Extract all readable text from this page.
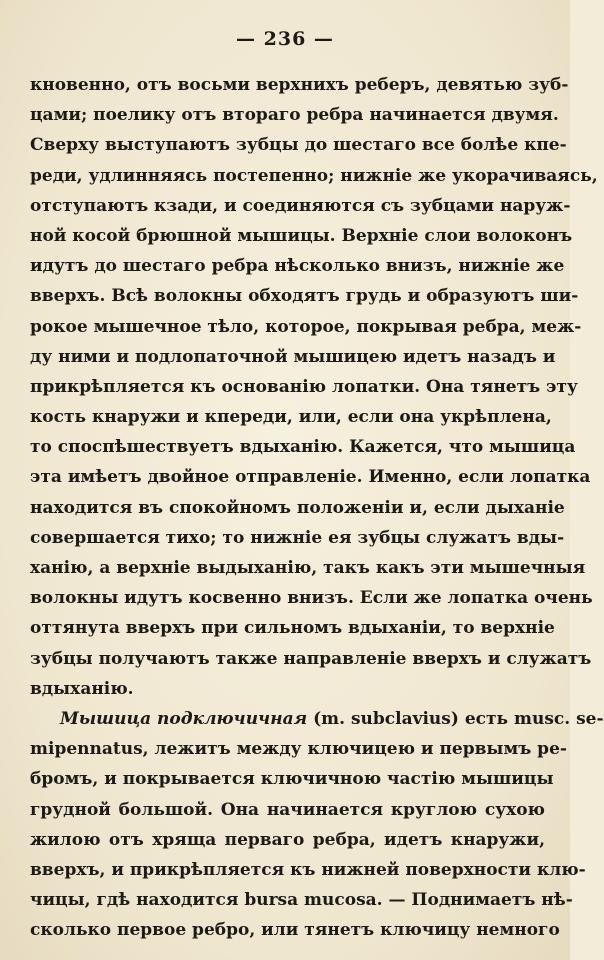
— 236 —
кновенно, отъ восьми верхнихъ реберъ, девятью зуб-
цами; поелику отъ втораго ребра начинается двумя.
Сверху выступаютъ зубцы до шестаго все болѣе кпе-
реди, удлинняясь постепенно; нижніе же укорачиваясь,
отступаютъ кзади, и соединяются съ зубцами наруж-
ной косой брюшной мышицы. Верхніе слои волоконъ
идутъ до шестаго ребра нѣсколько внизъ, нижніе же
вверхъ. Всѣ волокны обходятъ грудь и образуютъ ши-
рокое мышечное тѣло, которое, покрывая ребра, меж-
ду ними и подлопаточной мышицею идетъ назадъ и
прикрѣпляется къ основанію лопатки. Она тянетъ эту
кость кнаружи и кпереди, или, если она укрѣплена,
то споспѣшествуетъ вдыханію. Кажется, что мышица
эта имѣетъ двойное отправленіе. Именно, если лопатка
находится въ спокойномъ положеніи и, если дыханіе
совершается тихо; то нижніе ея зубцы служатъ вды-
ханію, а верхніе выдыханію, такъ какъ эти мышечныя
волокны идутъ косвенно внизъ. Если же лопатка очень
оттянута вверхъ при сильномъ вдыханіи, то верхніе
зубцы получаютъ также направленіе вверхъ и служатъ
вдыханію.
Мышица подключичная (m. subclavius) есть musc. se-
mipennatus, лежитъ между ключицею и первымъ ре-
бромъ, и покрывается ключичною частію мышицы
грудной большой. Она начинается круглою сухою
жилою отъ хряща перваго ребра, идетъ кнаружи,
вверхъ, и прикрѣпляется къ нижней поверхности клю-
чицы, гдѣ находится bursa mucosa. — Поднимаетъ нѣ-
сколько первое ребро, или тянетъ ключицу немного
